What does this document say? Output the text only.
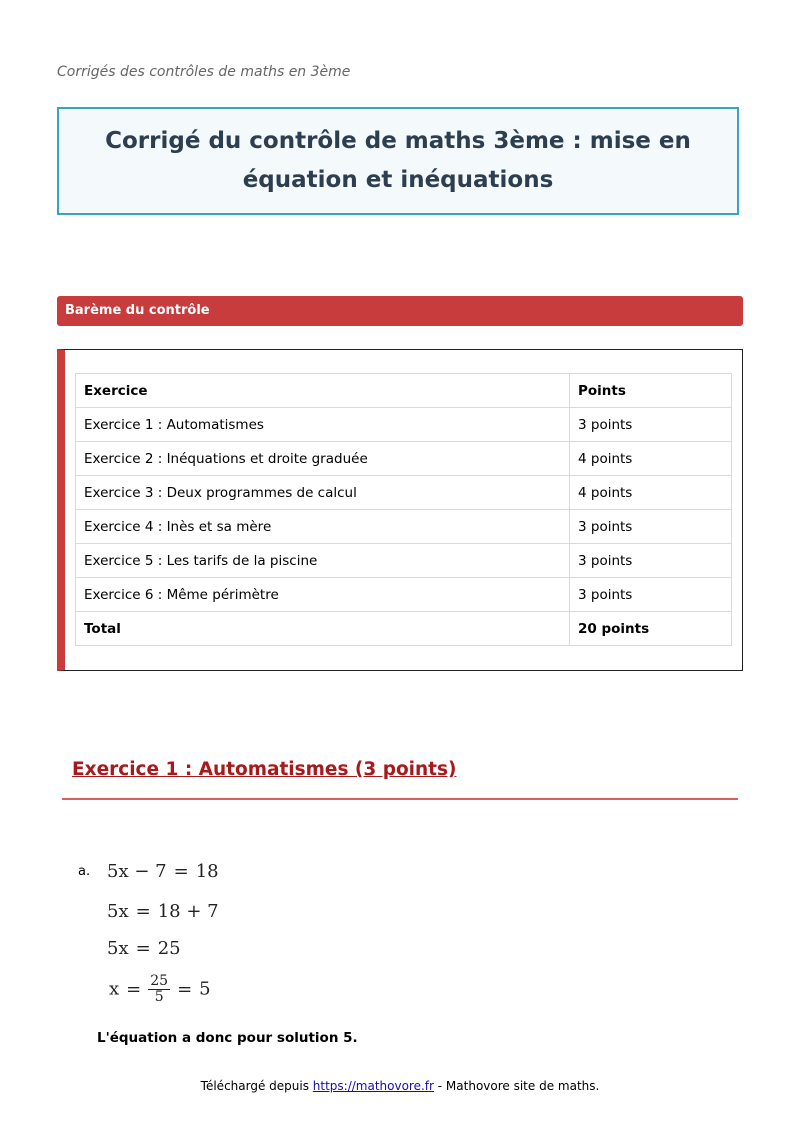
Corrigés des contrôles de maths en 3ème
Corrigé du contrôle de maths 3ème : mise en équation et inéquations
Barème du contrôle
Exercice	Points
Exercice 1 : Automatismes	3 points
Exercice 2 : Inéquations et droite graduée	4 points
Exercice 3 : Deux programmes de calcul	4 points
Exercice 4 : Inès et sa mère	3 points
Exercice 5 : Les tarifs de la piscine	3 points
Exercice 6 : Même périmètre	3 points
Total	20 points
Exercice 1 : Automatismes (3 points)
a. 5x − 7 = 18
5x = 18 + 7
5x = 25
$x = \frac{25}{5} = 5$
L'équation a donc pour solution 5.
Téléchargé depuis https://mathovore.fr - Mathovore site de maths.
